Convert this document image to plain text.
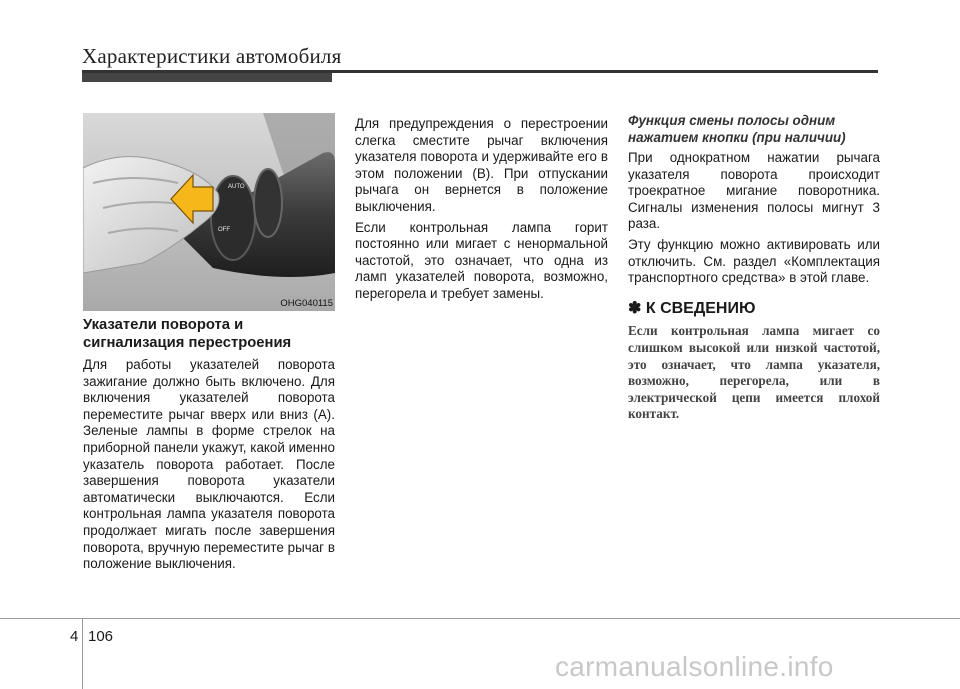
Характеристики автомобиля
AUTO
OFF
OHG040115
Указатели поворота и сигнализация перестроения

Для работы указателей поворота зажигание должно быть включено. Для включения указателей поворота переместите рычаг вверх или вниз (A). Зеленые лампы в форме стрелок на приборной панели укажут, какой именно указатель поворота работает. После завершения поворота указатели автоматически выключаются. Если контрольная лампа указателя поворота продолжает мигать после завершения поворота, вручную переместите рычаг в положение выключения.

Для предупреждения о перестроении слегка сместите рычаг включения указателя поворота и удерживайте его в этом положении (B). При отпускании рычага он вернется в положение выключения.

Если контрольная лампа горит постоянно или мигает с ненормальной частотой, это означает, что одна из ламп указателей поворота, возможно, перегорела и требует замены.

Функция смены полосы одним нажатием кнопки (при наличии)

При однократном нажатии рычага указателя поворота происходит троекратное мигание поворотника. Сигналы изменения полосы мигнут 3 раза.

Эту функцию можно активировать или отключить. См. раздел «Комплектация транспортного средства» в этой главе.

✽ К СВЕДЕНИЮ
Если контрольная лампа мигает со слишком высокой или низкой частотой, это означает, что лампа указателя, возможно, перегорела, или в электрической цепи имеется плохой контакт.
4 106
carmanualsonline.info
